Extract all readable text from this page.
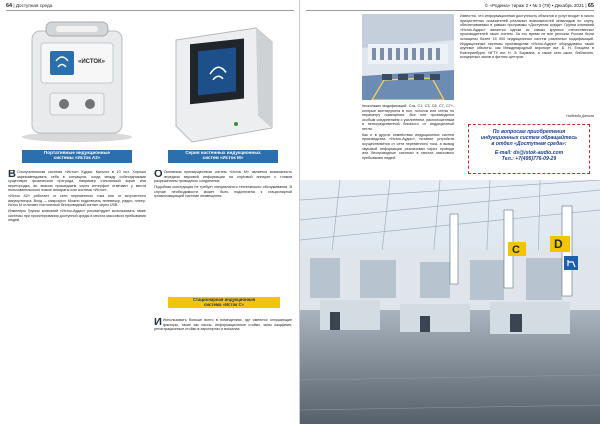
64 | Доступная среда
«ИСТОК»
Портативные индукционные
системы «Исток А2»
Серия настенных индукционных
систем «Исток М»

В Сполучительная система «Исток» Куджи. Каталог в 10 нот. Хорошо зарекомендовать себя в ситуациях, когда между собеседниками существует физическая преграда, например стеклянный экран или перегородка, во всяком пришедшем через интерфон отвечают у места пользовательского новые аппараты или система «Исток».

«Исток А2» работает от сети переменного тока или от встроенного аккумулятора. Вход — микрофон. Можно подключать телевизор, радио, плеер. Исток М отличает постоянный беспроводный сигнал через USB.

Инженеры Группы компаний «Исток-Аудио» рекомендуют использовать такие системы при проектировании доступной среды в местах массового пребывания людей.

О Основным преимуществом систем «Исток М» является возможность передачи звуковой информации на слуховой аппарат с тонким разрешением проводного соединения.

Подобная конструкция не требует специального технического обслуживания. В случае необходимости может быть подключена к стационарной громкоговорящей системе оповещения.

Стационарная индукционная
система «Исток С»

И Использовать больше всего в помещениях, где имеются оглушающие факторы, такие как кассы, информационные стойки, залы ожидания, регистрационные стойки в аэропортах и вокзалах.

© «Родина» тираж 2 • № 3 (79) • Декабрь 2021 | 65

нескольких модификаций: Ста, С1, С3, С5, С7, С7+, которые монтируются в пол, потолок или стены по периметру помещения. Все они производятся особым соединением с усилителем, расположенным в непосредственной близости от индукционной петли.

Как и в других семействах индукционных систем производства «Исток-Аудио», питание устройств осуществляется от сети переменного тока, а вывод звуковой информации реализован через провода или беспроводные системы в местах массового пребывания людей.

Известно, что информационная доступность объектов и услуг входит в число приоритетных показателей реальных возможностей инвалидов по слуху, обеспечиваемых в рамках программы «Доступная среда». Группа компаний «Исток-Аудио» является одним из самых крупных отечественных производителей таких систем. За это время не все регионы России были оснащены более 15 000 индукционных систем различных модификаций. Индукционные системы производства «Исток-Аудио» оборудованы такие крупные объекты, как Международный аэропорт им. Б. Н. Ельцина в Екатеринбурге, МГТУ им. Н. Э. Баумана, а также сети школ, библиотек, концертных залов и фитнес-центров.

Надежда Данина
По вопросам приобретения
индукционных систем обращайтесь
в отдел «Доступная среда»:
E-mail: ds@istok-audio.com
Тел.: +7(495)776-09-29
C	D
